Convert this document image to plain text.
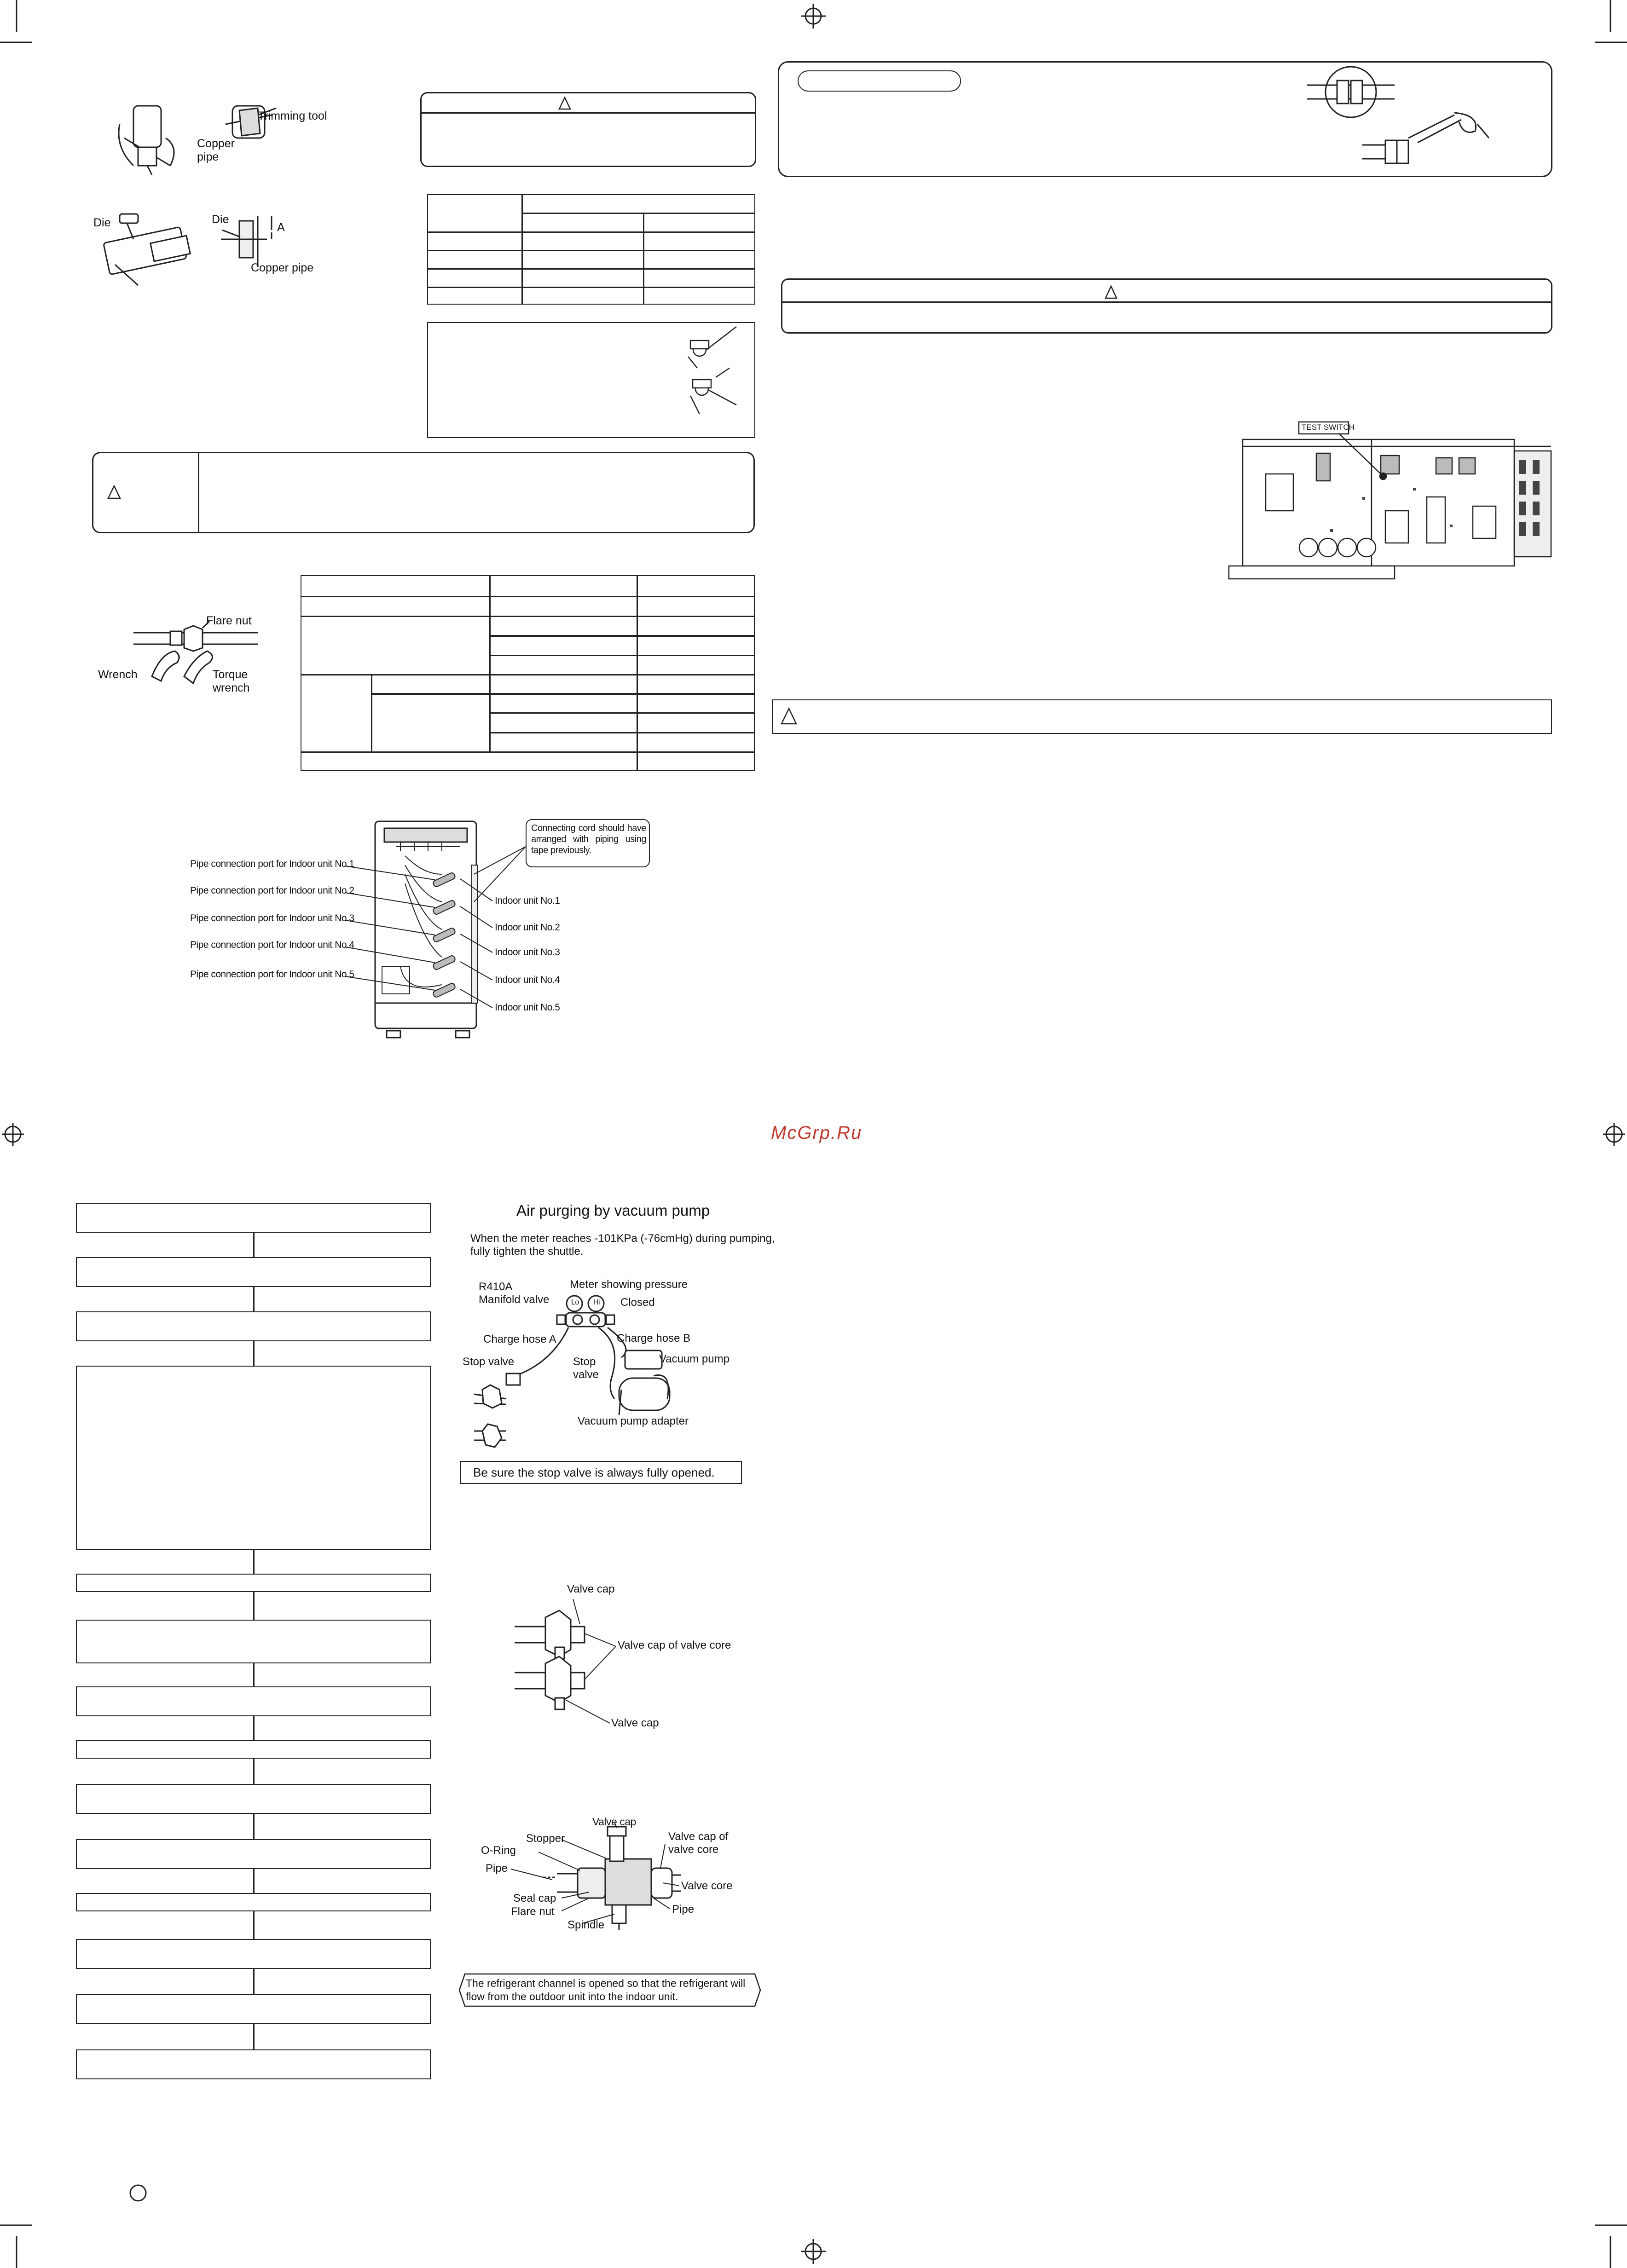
Trimming tool
Copper
pipe
Die	Die
A
Copper pipe
Flare nut
Wrench	Torque
wrench
Connecting cord should have arranged with piping using tape previously.
Pipe connection port for Indoor unit No.1
Pipe connection port for Indoor unit No.2
Pipe connection port for Indoor unit No.3
Pipe connection port for Indoor unit No.4
Pipe connection port for Indoor unit No.5
Indoor unit No.1
Indoor unit No.2
Indoor unit No.3
Indoor unit No.4
Indoor unit No.5
TEST SWITCH
McGrp.Ru
Air purging by vacuum pump
When the meter reaches -101KPa (-76cmHg) during pumping, fully tighten the shuttle.
Lo Hi
R410A
Manifold valve
Meter showing pressure
Closed
Charge hose A	Charge hose B
Stop valve	Stop
valve
Vacuum pump
Vacuum pump adapter
Be sure the stop valve is always fully opened.
Valve cap
Valve cap of valve core
Valve cap
Valve cap
Stopper
O-Ring
Pipe
Seal cap
Flare nut
Spindle
Valve cap of
valve core
Valve core
Pipe
The refrigerant channel is opened so that the refrigerant will flow from the outdoor unit into the indoor unit.
